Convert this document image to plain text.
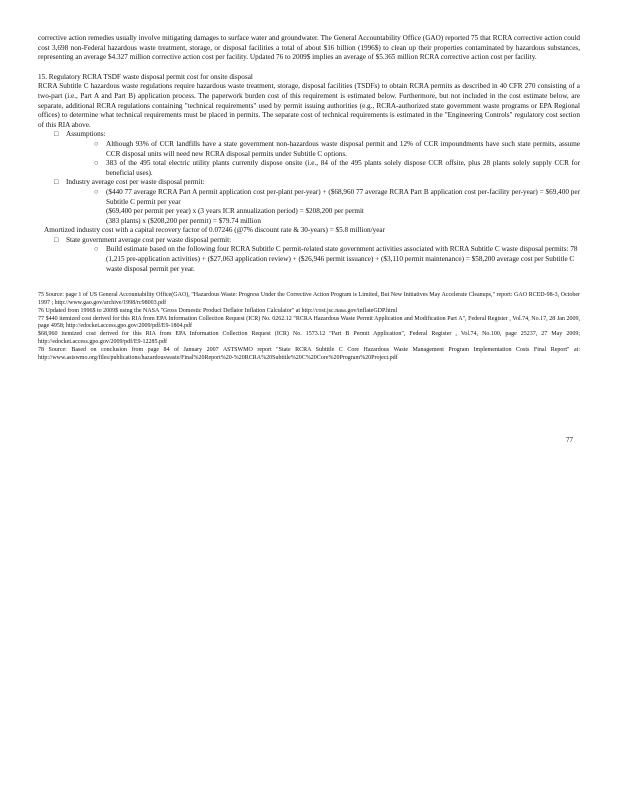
corrective action remedies usually involve mitigating damages to surface water and groundwater. The General Accountability Office (GAO) reported 75 that RCRA corrective action could cost 3,698 non-Federal hazardous waste treatment, storage, or disposal facilities a total of about $16 billion (1996$) to clean up their properties contaminated by hazardous substances, representing an average $4.327 million corrective action cost per facility. Updated 76 to 2009$ implies an average of $5.365 million RCRA corrective action cost per facility.

15. Regulatory RCRA TSDF waste disposal permit cost for onsite disposal

RCRA Subtitle C hazardous waste regulations require hazardous waste treatment, storage, disposal facilities (TSDFs) to obtain RCRA permits as described in 40 CFR 270 consisting of a two-part (i.e., Part A and Part B) application process. The paperwork burden cost of this requirement is estimated below. Furthermore, but not included in the cost estimate below, are separate, additional RCRA regulations containing "technical requirements" used by permit issuing authorities (e.g., RCRA-authorized state government waste programs or EPA Regional offices) to determine what technical requirements must be placed in permits. The separate cost of technical requirements is estimated in the "Engineering Controls" regulatory cost section of this RIA above.

□	Assumptions:
○	Although 93% of CCR landfills have a state government non-hazardous waste disposal permit and 12% of CCR impoundments have such state permits, assume CCR disposal units will need new RCRA disposal permits under Subtitle C options.
○	383 of the 495 total electric utility plants currently dispose onsite (i.e., 84 of the 495 plants solely dispose CCR offsite, plus 28 plants solely supply CCR for beneficial uses).
□	Industry average cost per waste disposal permit:
○	($440 77 average RCRA Part A permit application cost per-plant per-year) + ($68,960 77 average RCRA Part B application cost per-facility per-year) = $69,400 per Subtitle C permit per year
($69,400 per permit per year) x (3 years ICR annualization period) = $208,200 per permit
(383 plants) x ($208,200 per permit) = $79.74 million
Amortized industry cost with a capital recovery factor of 0.07246 (@7% discount rate & 30-years) = $5.8 million/year
□	State government average cost per waste disposal permit:
○	Build estimate based on the following four RCRA Subtitle C permit-related state government activities associated with RCRA Subtitle C waste disposal permits: 78
(1,215 pre-application activities) + ($27,063 application review) + ($26,946 permit issuance) + ($3,110 permit maintenance) = $58,200 average cost per Subtitle C waste disposal permit per year.

75 Source: page 1 of US General Accountability Office(GAO), "Hazardous Waste: Progress Under the Corrective Action Program is Limited, But New Initiatives May Accelerate Cleanups," report: GAO RCED-98-3, October 1997 ; http://www.gao.gov/archive/1998/rc98003.pdf

76 Updated from 1996$ to 2009$ using the NASA "Gross Domestic Product Deflator Inflation Calculator" at http://cost.jsc.nasa.gov/inflateGDP.html

77 $440 itemized cost derived for this RIA from EPA Information Collection Request (ICR) No. 0262.12 "RCRA Hazardous Waste Permit Application and Modification Part A", Federal Register , Vol.74, No.17, 28 Jan 2009, page 4958; http://edocket.access.gpo.gov/2009/pdf/E9-1804.pdf

$68,960 itemized cost derived for this RIA from EPA Information Collection Request (ICR) No. 1573.12 "Part B Permit Application", Federal Register , Vol.74, No.100, page 25237, 27 May 2009; http://edocket.access.gpo.gov/2009/pdf/E9-12285.pdf

78 Source: Based on conclusion from page 84 of January 2007 ASTSWMO report "State RCRA Subtitle C Core Hazardous Waste Management Program Implementation Costs Final Report" at: http://www.astswmo.org/files/publications/hazardouswaste/Final%20Report%20-%20RCRA%20Subtitle%20C%20Core%20Program%20Project.pdf

77
